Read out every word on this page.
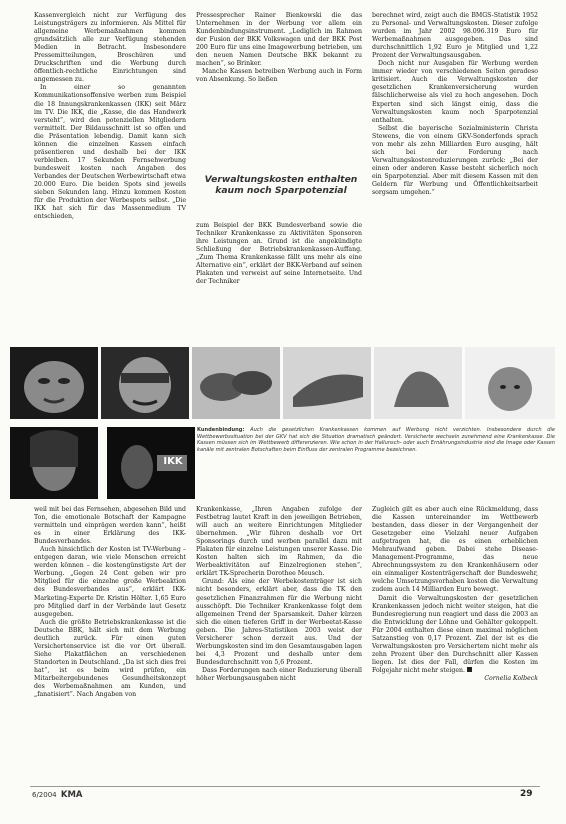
Kassenvergleich nicht zur Verfügung des Leistungsträgers zu informieren. Als Mittel für allgemeine Werbemaßnahmen kommen grundsätzlich alle zur Verfügung stehenden Medien in Betracht. Insbesondere Pressemitteilungen, Broschüren und Druckschriften und die Werbung durch öffentlich-rechtliche Einrichtungen sind angemessen zu.

In einer so genannten Kommunikationsoffensive werben zum Beispiel die 18 Innungskrankenkassen (IKK) seit März im TV. Die IKK, die „Kasse, die das Handwerk versteht“, wird den potenziellen Mitgliedern vermittelt. Der Bildausschnitt ist so offen und die Präsentation lebendig. Damit kann sich können die einzelnen Kassen einfach präsentieren und deshalb bei der IKK verbleiben. 17 Sekunden Fernsehwerbung bundesweit kosten nach Angaben des Verbandes der Deutschen Werbewirtschaft etwa 20.000 Euro. Die beiden Spots sind jeweils sieben Sekunden lang. Hinzu kommen Kosten für die Produktion der Werbespots selbst. „Die IKK hat sich für das Massenmedium TV entschieden,

Pressesprecher Rainer Bienkowski die das Unternehmen in der Werbung vor allem ein Kundenbindungsinstrument. „Lediglich im Rahmen der Fusion der BKK Volkswagen und der BKK Post 200 Euro für uns eine Imagewerbung betrieben, um den neuen Namen Deutsche BKK bekannt zu machen“, so Brinker.

Manche Kassen betreiben Werbung auch in Form von Absenkung. So ließen

Verwaltungskosten enthalten kaum noch Sparpotenzial

zum Beispiel der BKK Bundesverband sowie die Techniker Krankenkasse zu Aktivitäten Sponsoren ihre Leistungen an. Grund ist die angekündigte Schließung der Betriebskrankenkassen-Auffang. „Zum Thema Krankenkasse fällt uns mehr als eine Alternative ein“, erklärt der BKK-Verband auf seinen Plakaten und verweist auf seine Internetseite. Und der Techniker

berechnet wird, zeigt auch die BMGS-Statistik 1952 zu Personal- und Verwaltungskosten. Dieser zufolge wurden im Jahr 2002 98.096.319 Euro für Werbemaßnahmen ausgegeben. Das sind durchschnittlich 1,92 Euro je Mitglied und 1,22 Prozent der Verwaltungsausgaben.

Doch nicht nur Ausgaben für Werbung werden immer wieder von verschiedenen Seiten geradeso kritisiert. Auch die Verwaltungskosten der gesetzlichen Krankenversicherung wurden fälschlicherweise als viel zu hoch angesehen. Doch Experten sind sich längst einig, dass die Verwaltungskosten kaum noch Sparpotenzial enthalten.

Selbst die bayerische Sozialministerin Christa Stewens, die von einem GKV-Sonderfonds sprach von mehr als zehn Milliarden Euro ausging, hält sich bei der Forderung nach Verwaltungskostenreduzierungen zurück: „Bei der einen oder anderen Kasse besteht sicherlich noch ein Sparpotenzial. Aber mit diesem Kassen mit den Geldern für Werbung und Öffentlichkeitsarbeit sorgsam umgehen.“

IKK
Kundenbindung: Auch die gesetzlichen Krankenkassen kommen auf Werbung nicht verzichten. Insbesondere durch die Wettbewerbssituation bei der GKV hat sich die Situation dramatisch geändert. Versicherte wechseln zunehmend eine Krankenkasse. Die Kassen müssen sich im Wettbewerb differenzieren. Wie schon in der Hallunsch- oder auch Ernährungsindustrie sind die Image oder Kassen kanäle mit zentralen Botschaften beim Einfluss der zentralen Programme bezeichnen.

weil mit bei das Fernsehen, abgesehen Bild und Ton, die emotionale Botschaft der Kampagne vermitteln und einprägen werden kann“, heißt es in einer Erklärung des IKK-Bundesverbandes.

Auch hinsichtlich der Kosten ist TV-Werbung – entgegen daran, wie viele Menschen erreicht werden können – die kostengünstigste Art der Werbung. „Gegen 24 Cent geben wir pro Mitglied für die einzelne große Werbeaktion des Bundesverbandes aus“, erklärt IKK-Marketing-Experte Dr. Kristin Hölter. 1,65 Euro pro Mitglied darf in der Verbände laut Gesetz ausgegeben.

Auch die größte Betriebskrankenkasse ist die Deutsche BBK, hält sich mit dem Werbung deutlich zurück. Für einen guten Versichertenservice ist die vor Ort überall. Siehe Plakatflächen an verschiedenen Standorten in Deutschland. „Da ist sich dies frei hat“, ist es beim wird prüfen, ein Mitarbeitergebundenes Gesundheitskonzept des Werbemaßnahmen am Kunden, und „fanatisiert“. Nach Angaben von

Krankenkasse, „Ihren Angaben zufolge der Festbetrag lautet Kraft in den jeweiligen Betrieben, will auch an weitere Einrichtungen Mitglieder übernehmen. „Wir führen deshalb vor Ort Sponsorings durch und werben parallel dazu mit Plakaten für einzelne Leistungen unserer Kasse. Die Kosten halten sich im Rahmen, da die Werbeaktivitäten auf Einzelregionen stehen“, erklärt TK-Sprecherin Dorothee Meusch.

Grund: Als eine der Werbekostenträger ist sich nicht besonders, erklärt aber, dass die TK den gesetzlichen Finanzrahmen für die Werbung nicht ausschöpft. Die Techniker Krankenkasse folgt dem allgemeinen Trend der Sparsamkeit. Daher kürzen sich die einen tieferen Griff in der Werbeetat-Kasse geben. Die Jahres-Statistiken 2003 weist der Versicherer schon derzeit aus. Und der Werbungskosten sind im den Gesamtausgaben lagen bei 4,3 Prozent und deshalb unter dem Bundesdurchschnitt von 5,6 Prozent.

Dass Forderungen nach einer Reduzierung überall höher Werbungsausgaben nicht

Zugleich gilt es aber auch eine Rückmeldung, dass die Kassen untereinander im Wettbewerb bestanden, dass dieser in der Vergangenheit der Gesetzgeber eine Vielzahl neuer Aufgaben aufgetragen hat, die es einen erheblichen Mehraufwand geben. Dabei stehe Disease-Management-Programme, das neue Abrechnungssystem zu den Krankenhäusern oder ein einmaliger Kostenträgerschaft der Bundeswehr, welche Umsetzungsvorhaben kosten die Verwaltung zudem auch 14 Milliarden Euro bewegt.

Damit die Verwaltungskosten der gesetzlichen Krankenkassen jedoch nicht weiter steigen, hat die Bundesregierung nun reagiert und dass die 2003 an die Entwicklung der Löhne und Gehälter gekoppelt. Für 2004 enthalten diese einen maximal möglichen Satzanstieg von 0,17 Prozent. Ziel der ist es die Verwaltungskosten pro Versichertem nicht mehr als zehn Prozent über den Durchschnitt aller Kassen liegen. Ist dies der Fall, dürfen die Kosten im Folgejahr nicht mehr steigen.

Cornelia Kolbeck

6/2004 KMA	29
